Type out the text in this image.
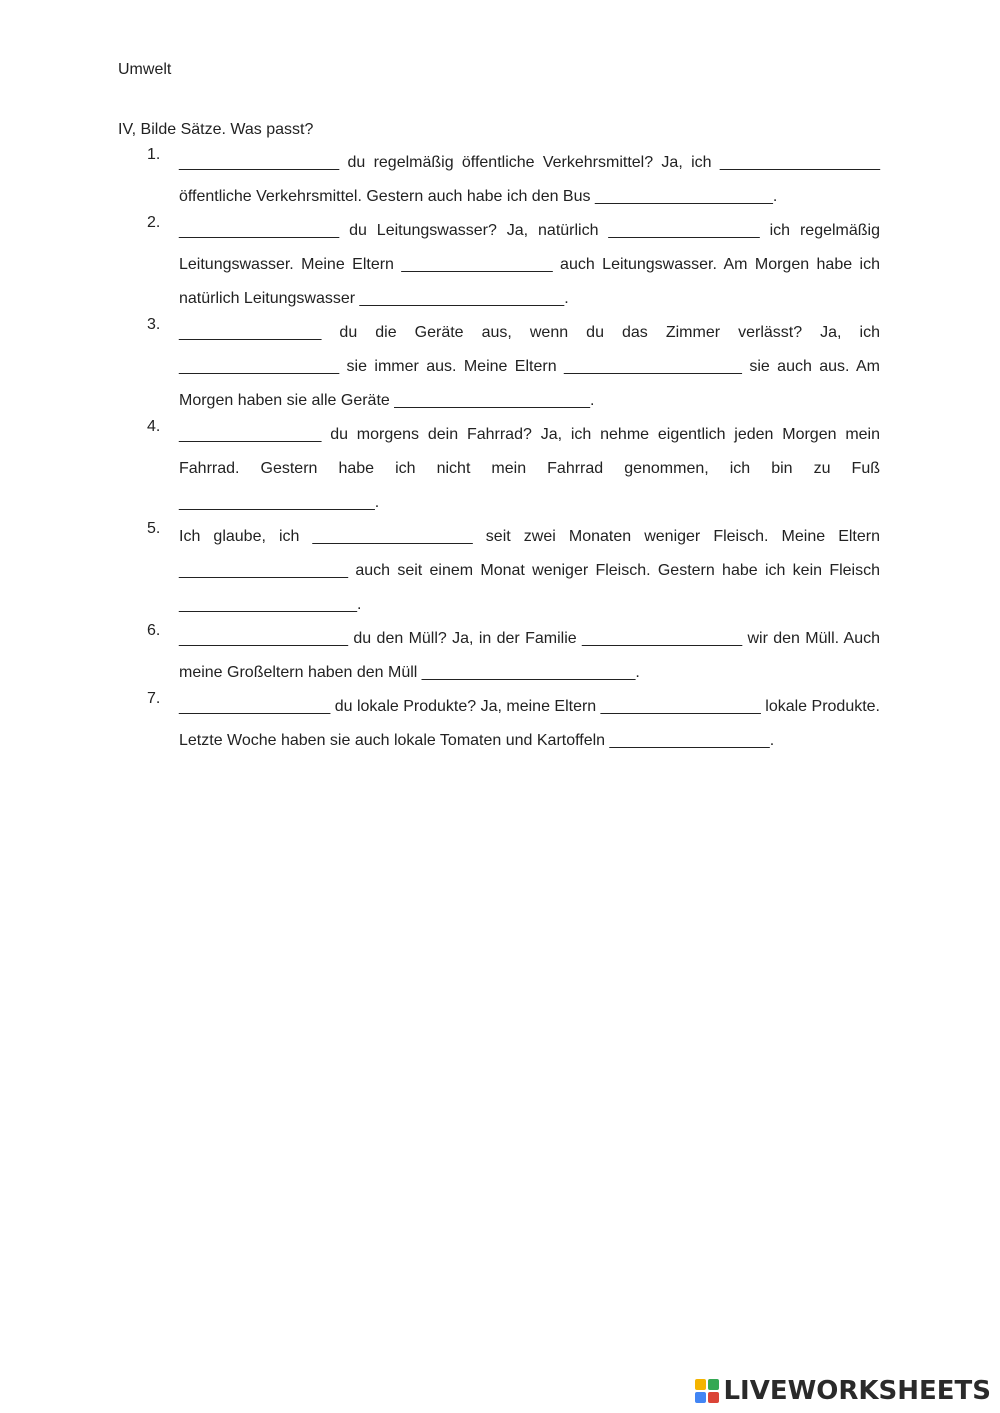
Umwelt
IV, Bilde Sätze. Was passt?
1. __________________ du regelmäßig öffentliche Verkehrsmittel? Ja, ich __________________ öffentliche Verkehrsmittel. Gestern auch habe ich den Bus ____________________.
2. __________________ du Leitungswasser? Ja, natürlich _________________ ich regelmäßig Leitungswasser. Meine Eltern _________________ auch Leitungswasser. Am Morgen habe ich natürlich Leitungswasser _______________________.
3. ________________ du die Geräte aus, wenn du das Zimmer verlässt? Ja, ich __________________ sie immer aus. Meine Eltern ____________________ sie auch aus. Am Morgen haben sie alle Geräte ______________________.
4. ________________ du morgens dein Fahrrad? Ja, ich nehme eigentlich jeden Morgen mein Fahrrad. Gestern habe ich nicht mein Fahrrad genommen, ich bin zu Fuß ______________________.
5. Ich glaube, ich __________________ seit zwei Monaten weniger Fleisch. Meine Eltern ___________________ auch seit einem Monat weniger Fleisch. Gestern habe ich kein Fleisch ____________________.
6. ___________________ du den Müll? Ja, in der Familie __________________ wir den Müll. Auch meine Großeltern haben den Müll ________________________.
7. _________________ du lokale Produkte? Ja, meine Eltern __________________ lokale Produkte. Letzte Woche haben sie auch lokale Tomaten und Kartoffeln __________________.
LIVEWORKSHEETS
